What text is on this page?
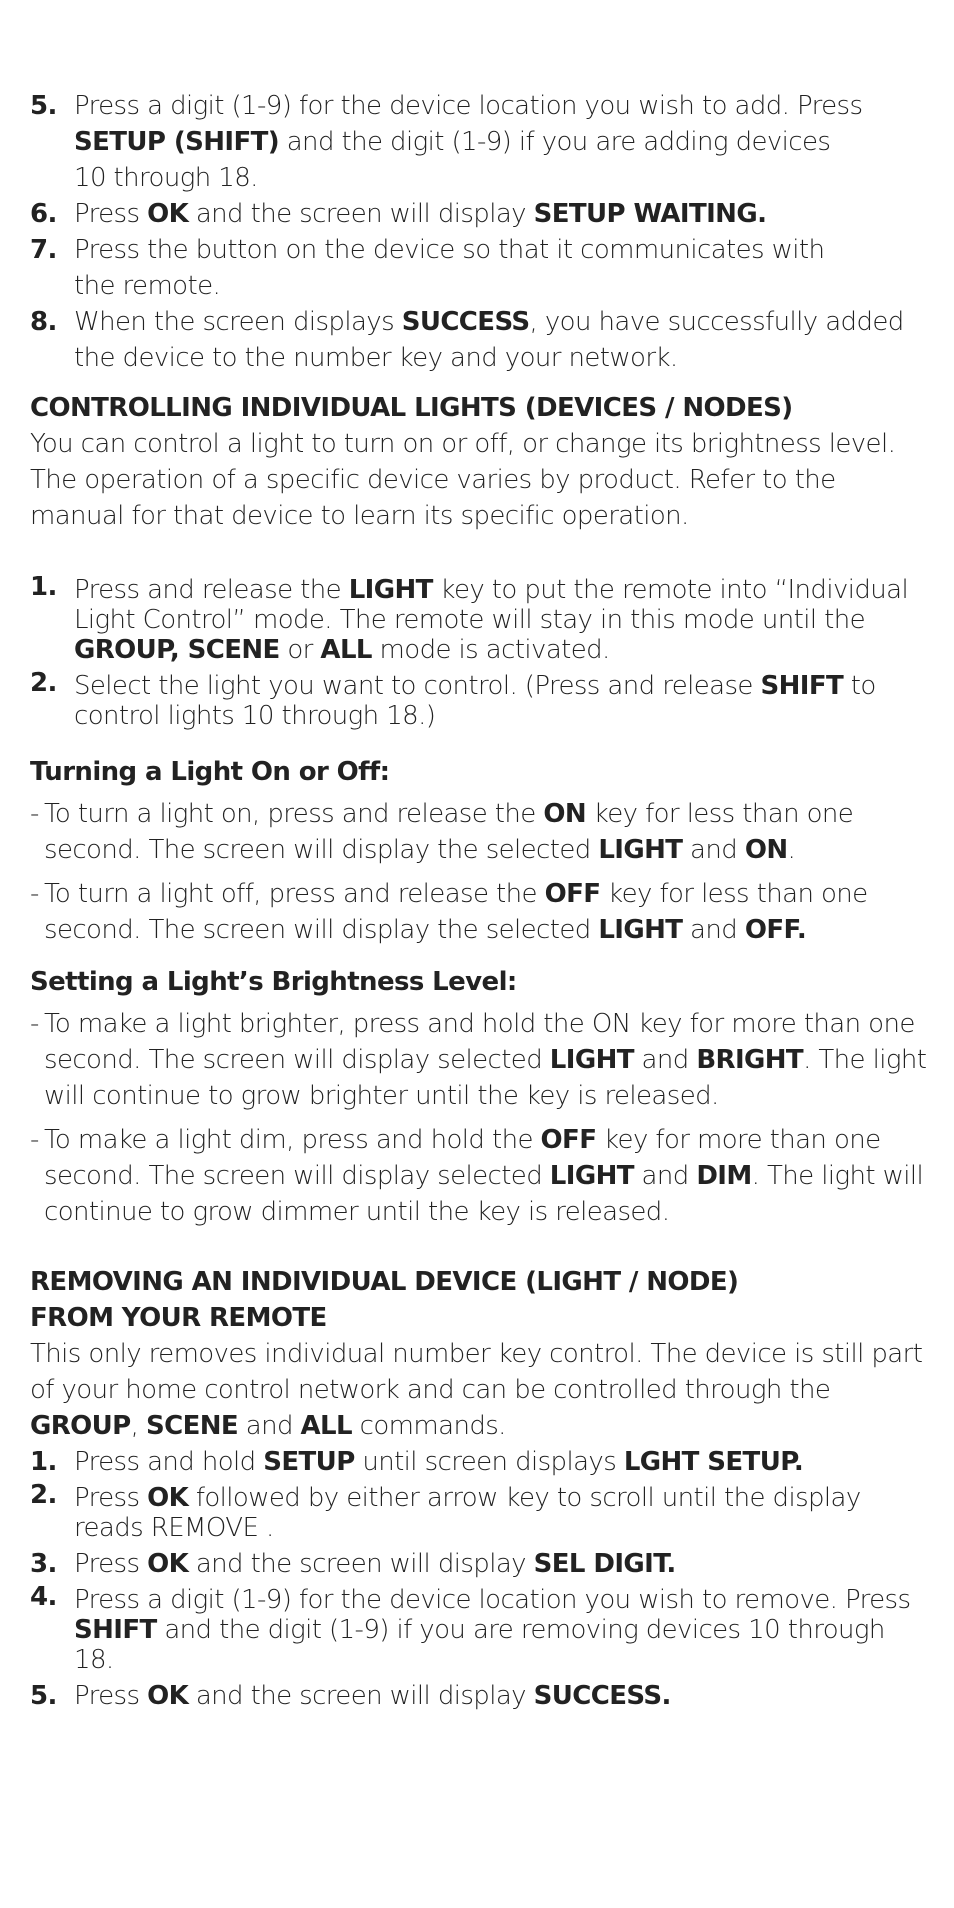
5. Press a digit (1-9) for the device location you wish to add. Press SETUP (SHIFT) and the digit (1-9) if you are adding devices
10 through 18.
6. Press OK and the screen will display SETUP WAITING.
7. Press the button on the device so that it communicates with
the remote.
8. When the screen displays SUCCESS, you have successfully added the device to the number key and your network.

CONTROLLING INDIVIDUAL LIGHTS (DEVICES / NODES)

You can control a light to turn on or off, or change its brightness level. The operation of a specific device varies by product. Refer to the manual for that device to learn its specific operation.

1. Press and release the LIGHT key to put the remote into “Individual Light Control” mode. The remote will stay in this mode until the GROUP, SCENE or ALL mode is activated.
2. Select the light you want to control. (Press and release SHIFT to control lights 10 through 18.)

Turning a Light On or Off:

- To turn a light on, press and release the ON key for less than one second. The screen will display the selected LIGHT and ON.
- To turn a light off, press and release the OFF key for less than one second. The screen will display the selected LIGHT and OFF.

Setting a Light’s Brightness Level:

- To make a light brighter, press and hold the ON key for more than one second. The screen will display selected LIGHT and BRIGHT. The light will continue to grow brighter until the key is released.
- To make a light dim, press and hold the OFF key for more than one second. The screen will display selected LIGHT and DIM. The light will continue to grow dimmer until the key is released.

REMOVING AN INDIVIDUAL DEVICE (LIGHT / NODE)

FROM YOUR REMOTE

This only removes individual number key control. The device is still part of your home control network and can be controlled through the GROUP, SCENE and ALL commands.

1. Press and hold SETUP until screen displays LGHT SETUP.
2. Press OK followed by either arrow key to scroll until the display reads REMOVE .
3. Press OK and the screen will display SEL DIGIT.
4. Press a digit (1-9) for the device location you wish to remove. Press SHIFT and the digit (1-9) if you are removing devices 10 through 18.
5. Press OK and the screen will display SUCCESS.
